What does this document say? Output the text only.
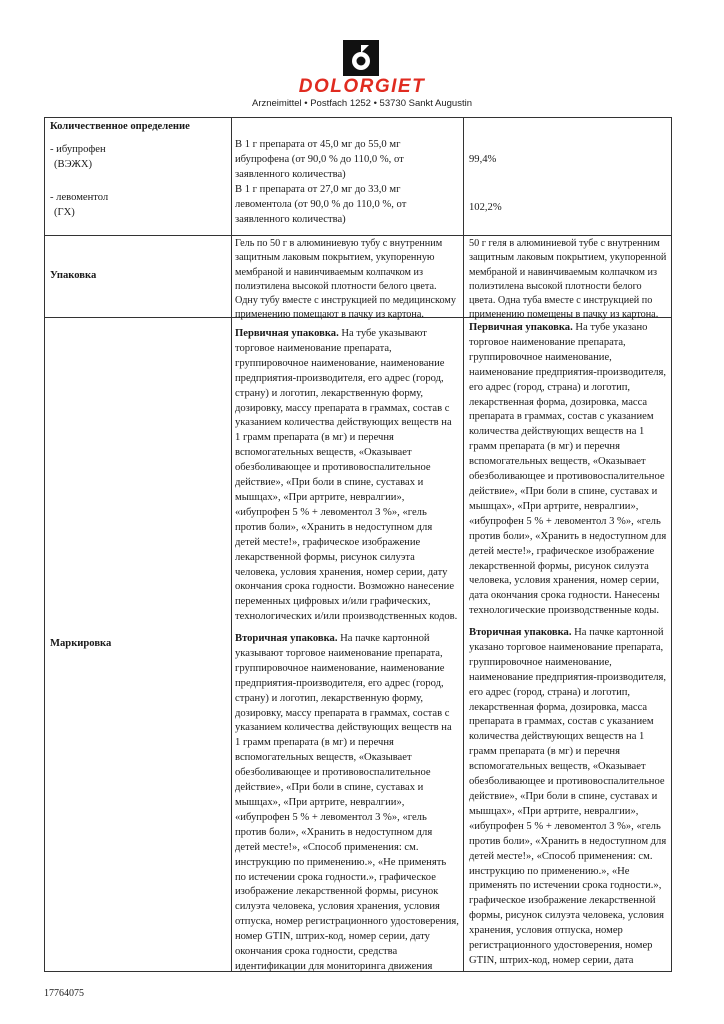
DOLORGIET
Arzneimittel • Postfach 1252 • 53730 Sankt Augustin
Количественное определение
- ибупрофен
(ВЭЖХ)
- левоментол
(ГХ)
В 1 г препарата от 45,0 мг до 55,0 мг ибупрофена (от 90,0 % до 110,0 %, от заявленного количества)
В 1 г препарата от 27,0 мг до 33,0 мг левоментола (от 90,0 % до 110,0 %, от заявленного количества)
99,4%
102,2%
Упаковка
Гель по 50 г в алюминиевую тубу с внутренним защитным лаковым покрытием, укупоренную мембраной и навинчиваемым колпачком из полиэтилена высокой плотности белого цвета. Одну тубу вместе с инструкцией по медицинскому применению помещают в пачку из картона.
50 г геля в алюминиевой тубе с внутренним защитным лаковым покрытием, укупоренной мембраной и навинчиваемым колпачком из полиэтилена высокой плотности белого цвета. Одна туба вместе с инструкцией по применению помещены в пачку из картона.
Маркировка
Первичная упаковка. На тубе указывают торговое наименование препарата, группировочное наименование, наименование предприятия-производителя, его адрес (город, страну) и логотип, лекарственную форму, дозировку, массу препарата в граммах, состав с указанием количества действующих веществ на 1 грамм препарата (в мг) и перечня вспомогательных веществ, «Оказывает обезболивающее и противовоспалительное действие», «При боли в спине, суставах и мышцах», «При артрите, невралгии», «ибупрофен 5 % + левоментол 3 %», «гель против боли», «Хранить в недоступном для детей месте!», графическое изображение лекарственной формы, рисунок силуэта человека, условия хранения, номер серии, дату окончания срока годности. Возможно нанесение переменных цифровых и/или графических, технологических и/или производственных кодов.
Вторичная упаковка. На пачке картонной указывают торговое наименование препарата, группировочное наименование, наименование предприятия-производителя, его адрес (город, страну) и логотип, лекарственную форму, дозировку, массу препарата в граммах, состав с указанием количества действующих веществ на 1 грамм препарата (в мг) и перечня вспомогательных веществ, «Оказывает обезболивающее и противовоспалительное действие», «При боли в спине, суставах и мышцах», «При артрите, невралгии», «ибупрофен 5 % + левоментол 3 %», «гель против боли», «Хранить в недоступном для детей месте!», «Способ применения: см. инструкцию по применению.», «Не применять по истечении срока годности.», графическое изображение лекарственной формы, рисунок силуэта человека, условия хранения, условия отпуска, номер регистрационного удостоверения, номер GTIN, штрих-код, номер серии, дату окончания срока годности, средства идентификации для мониторинга движения
Первичная упаковка. На тубе указано торговое наименование препарата, группировочное наименование, наименование предприятия-производителя, его адрес (город, страна) и логотип, лекарственная форма, дозировка, масса препарата в граммах, состав с указанием количества действующих веществ на 1 грамм препарата (в мг) и перечня вспомогательных веществ, «Оказывает обезболивающее и противовоспалительное действие», «При боли в спине, суставах и мышцах», «При артрите, невралгии», «ибупрофен 5 % + левоментол 3 %», «гель против боли», «Хранить в недоступном для детей месте!», графическое изображение лекарственной формы, рисунок силуэта человека, условия хранения, номер серии, дата окончания срока годности. Нанесены технологические производственные коды.
Вторичная упаковка. На пачке картонной указано торговое наименование препарата, группировочное наименование, наименование предприятия-производителя, его адрес (город, страна) и логотип, лекарственная форма, дозировка, масса препарата в граммах, состав с указанием количества действующих веществ на 1 грамм препарата (в мг) и перечня вспомогательных веществ, «Оказывает обезболивающее и противовоспалительное действие», «При боли в спине, суставах и мышцах», «При артрите, невралгии», «ибупрофен 5 % + левоментол 3 %», «гель против боли», «Хранить в недоступном для детей месте!», «Способ применения: см. инструкцию по применению.», «Не применять по истечении срока годности.», графическое изображение лекарственной формы, рисунок силуэта человека, условия хранения, условия отпуска, номер регистрационного удостоверения, номер GTIN, штрих-код, номер серии, дата
17764075
